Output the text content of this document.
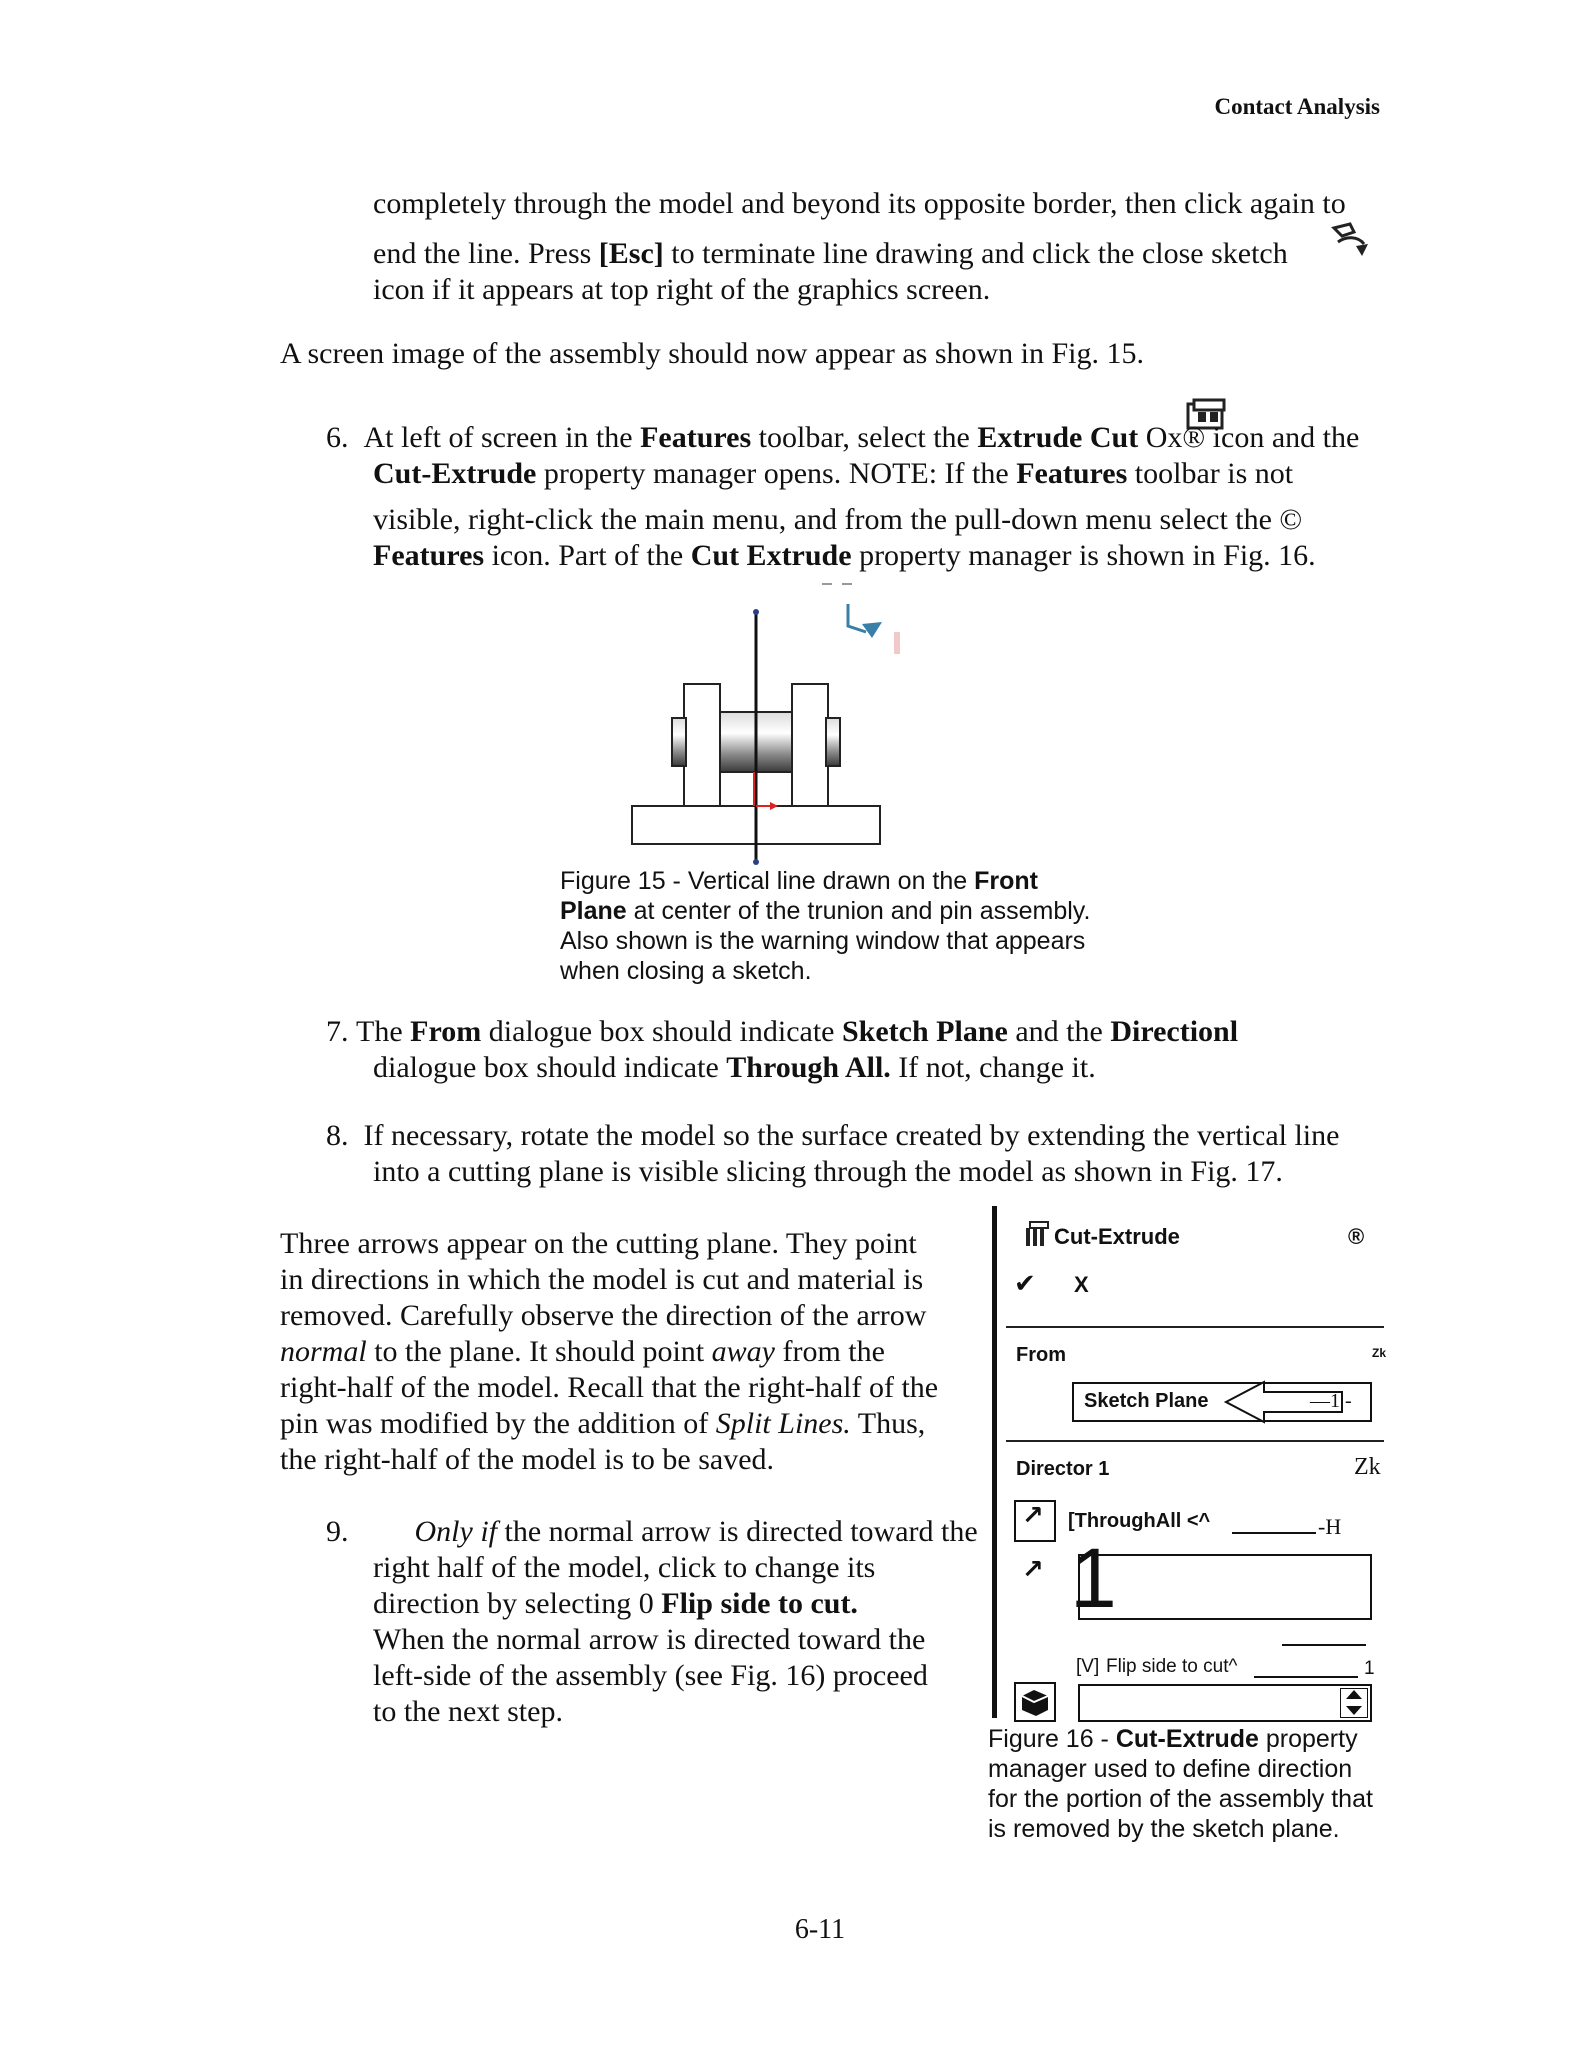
Contact Analysis
completely through the model and beyond its opposite border, then click again to
end the line. Press [Esc] to terminate line drawing and click the close sketch
icon if it appears at top right of the graphics screen.
A screen image of the assembly should now appear as shown in Fig. 15.
6. At left of screen in the Features toolbar, select the Extrude Cut Ox® icon and the
Cut-Extrude property manager opens. NOTE: If the Features toolbar is not
visible, right-click the main menu, and from the pull-down menu select the ©
Features icon. Part of the Cut Extrude property manager is shown in Fig. 16.
Figure 15 - Vertical line drawn on the Front
Plane at center of the trunion and pin assembly.
Also shown is the warning window that appears
when closing a sketch.
7. The From dialogue box should indicate Sketch Plane and the Directionl
dialogue box should indicate Through All. If not, change it.
8. If necessary, rotate the model so the surface created by extending the vertical line
into a cutting plane is visible slicing through the model as shown in Fig. 17.
Three arrows appear on the cutting plane. They point
in directions in which the model is cut and material is
removed. Carefully observe the direction of the arrow
normal to the plane. It should point away from the
right-half of the model. Recall that the right-half of the
pin was modified by the addition of Split Lines. Thus,
the right-half of the model is to be saved.
9. Only if the normal arrow is directed toward the
right half of the model, click to change its
direction by selecting 0 Flip side to cut.
When the normal arrow is directed toward the
left-side of the assembly (see Fig. 16) proceed
to the next step.
Cut-Extrude	®
✔ X
From	Zk
Sketch Plane	—1 -
Director 1	Zk
↗ [ThroughAll <^	-H
↗ 1
[V] Flip side to cut^	1
Figure 16 - Cut-Extrude property
manager used to define direction
for the portion of the assembly that
is removed by the sketch plane.
6-11
